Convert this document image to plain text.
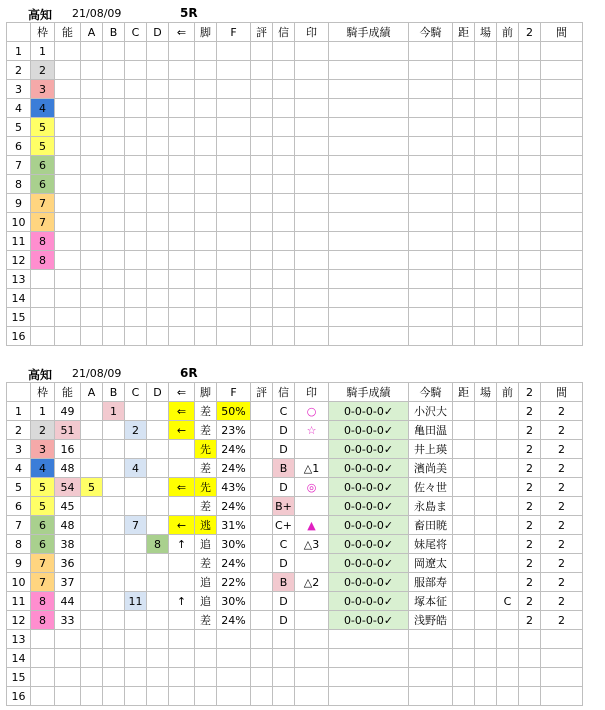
高知 21/08/09	5R
	枠	能	A	B	C	D	⇐	脚	F	評	信	印	騎手成績	今騎	距	場	前	2	間
1	1																		
2	2																		
3	3																		
4	4																		
5	5																		
6	5																		
7	6																		
8	6																		
9	7																		
10	7																		
11	8																		
12	8																		
13																			
14																			
15																			
16																			
高知 21/08/09	6R
	枠	能	A	B	C	D	⇐	脚	F	評	信	印	騎手成績	今騎	距	場	前	2	間
1	1	49		1			⇐	差	50%		C	○	0-0-0-0✓	小沢大				2	2
2	2	51			2		←	差	23%		D	☆	0-0-0-0✓	亀田温				2	2
3	3	16						先	24%		D		0-0-0-0✓	井上瑛				2	2
4	4	48			4			差	24%		B	△1	0-0-0-0✓	濱尚美				2	2
5	5	54	5				⇐	先	43%		D	◎	0-0-0-0✓	佐々世				2	2
6	5	45						差	24%		B+		0-0-0-0✓	永島ま				2	2
7	6	48			7		←	逃	31%		C+	▲	0-0-0-0✓	畜田暁				2	2
8	6	38				8	↑	追	30%		C	△3	0-0-0-0✓	妹尾将				2	2
9	7	36						差	24%		D		0-0-0-0✓	岡遼太				2	2
10	7	37						追	22%		B	△2	0-0-0-0✓	服部寿				2	2
11	8	44			11		↑	追	30%		D		0-0-0-0✓	塚本征			C	2	2
12	8	33						差	24%		D		0-0-0-0✓	浅野皓				2	2
13																			
14																			
15																			
16																			
